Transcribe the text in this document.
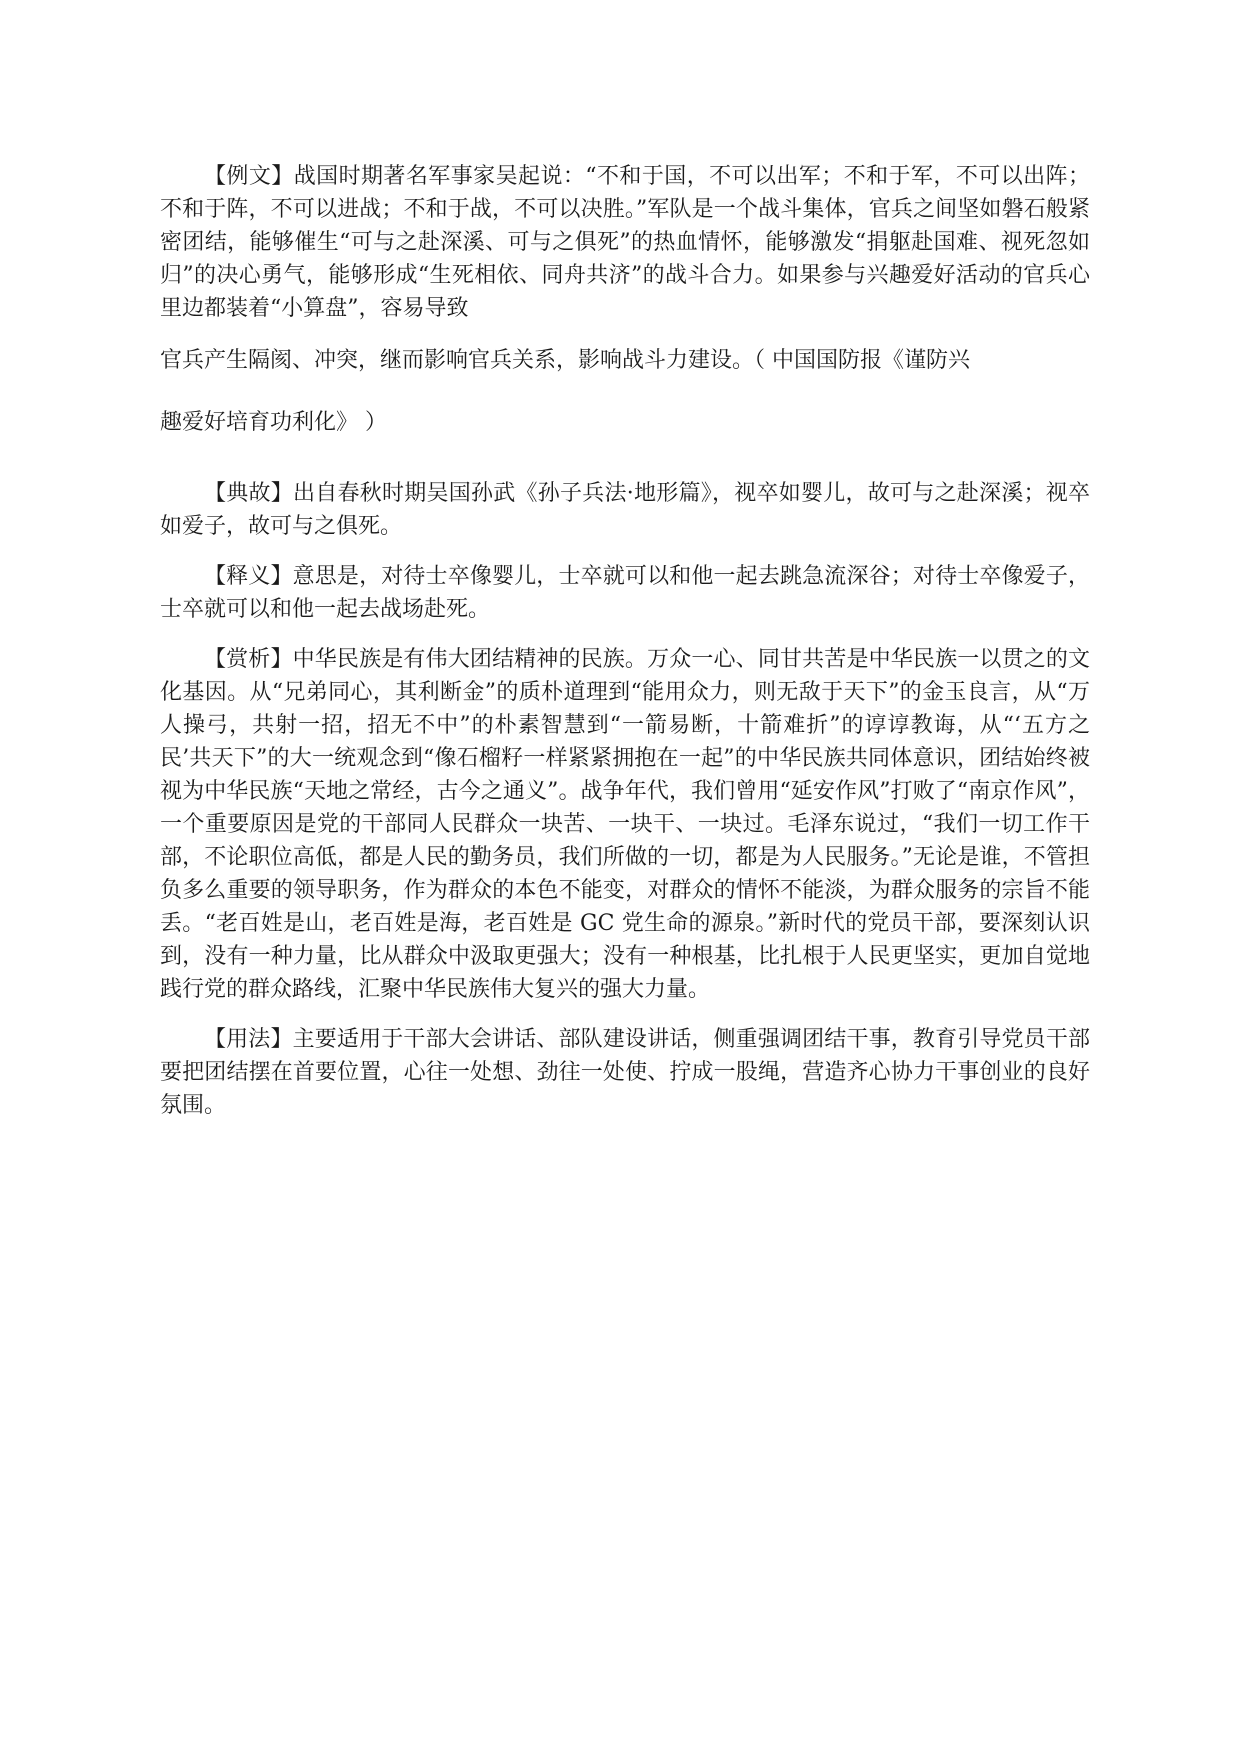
【例文】战国时期著名军事家吴起说：“不和于国，不可以出军；不和于军，不可以出阵；不和于阵，不可以进战；不和于战，不可以决胜。”军队是一个战斗集体，官兵之间坚如磐石般紧密团结，能够催生“可与之赴深溪、可与之俱死”的热血情怀，能够激发“捐躯赴国难、视死忽如归”的决心勇气，能够形成“生死相依、同舟共济”的战斗合力。如果参与兴趣爱好活动的官兵心里边都装着“小算盘”，容易导致

官兵产生隔阂、冲突，继而影响官兵关系，影响战斗力建设。（ 中国国防报《谨防兴

趣爱好培育功利化》 ）

【典故】出自春秋时期吴国孙武《孙子兵法·地形篇》，视卒如婴儿，故可与之赴深溪；视卒如爱子，故可与之俱死。

【释义】意思是，对待士卒像婴儿，士卒就可以和他一起去跳急流深谷；对待士卒像爱子，士卒就可以和他一起去战场赴死。

【赏析】中华民族是有伟大团结精神的民族。万众一心、同甘共苦是中华民族一以贯之的文化基因。从“兄弟同心，其利断金”的质朴道理到“能用众力，则无敌于天下”的金玉良言，从“万人操弓，共射一招，招无不中”的朴素智慧到“一箭易断，十箭难折”的谆谆教诲，从“‘五方之民’共天下”的大一统观念到“像石榴籽一样紧紧拥抱在一起”的中华民族共同体意识，团结始终被视为中华民族“天地之常经，古今之通义”。战争年代，我们曾用“延安作风”打败了“南京作风”，一个重要原因是党的干部同人民群众一块苦、一块干、一块过。毛泽东说过，“我们一切工作干部，不论职位高低，都是人民的勤务员，我们所做的一切，都是为人民服务。”无论是谁，不管担负多么重要的领导职务，作为群众的本色不能变，对群众的情怀不能淡，为群众服务的宗旨不能丢。“老百姓是山，老百姓是海，老百姓是 GC 党生命的源泉。”新时代的党员干部，要深刻认识到，没有一种力量，比从群众中汲取更强大；没有一种根基，比扎根于人民更坚实，更加自觉地践行党的群众路线，汇聚中华民族伟大复兴的强大力量。

【用法】主要适用于干部大会讲话、部队建设讲话，侧重强调团结干事，教育引导党员干部要把团结摆在首要位置，心往一处想、劲往一处使、拧成一股绳，营造齐心协力干事创业的良好氛围。
